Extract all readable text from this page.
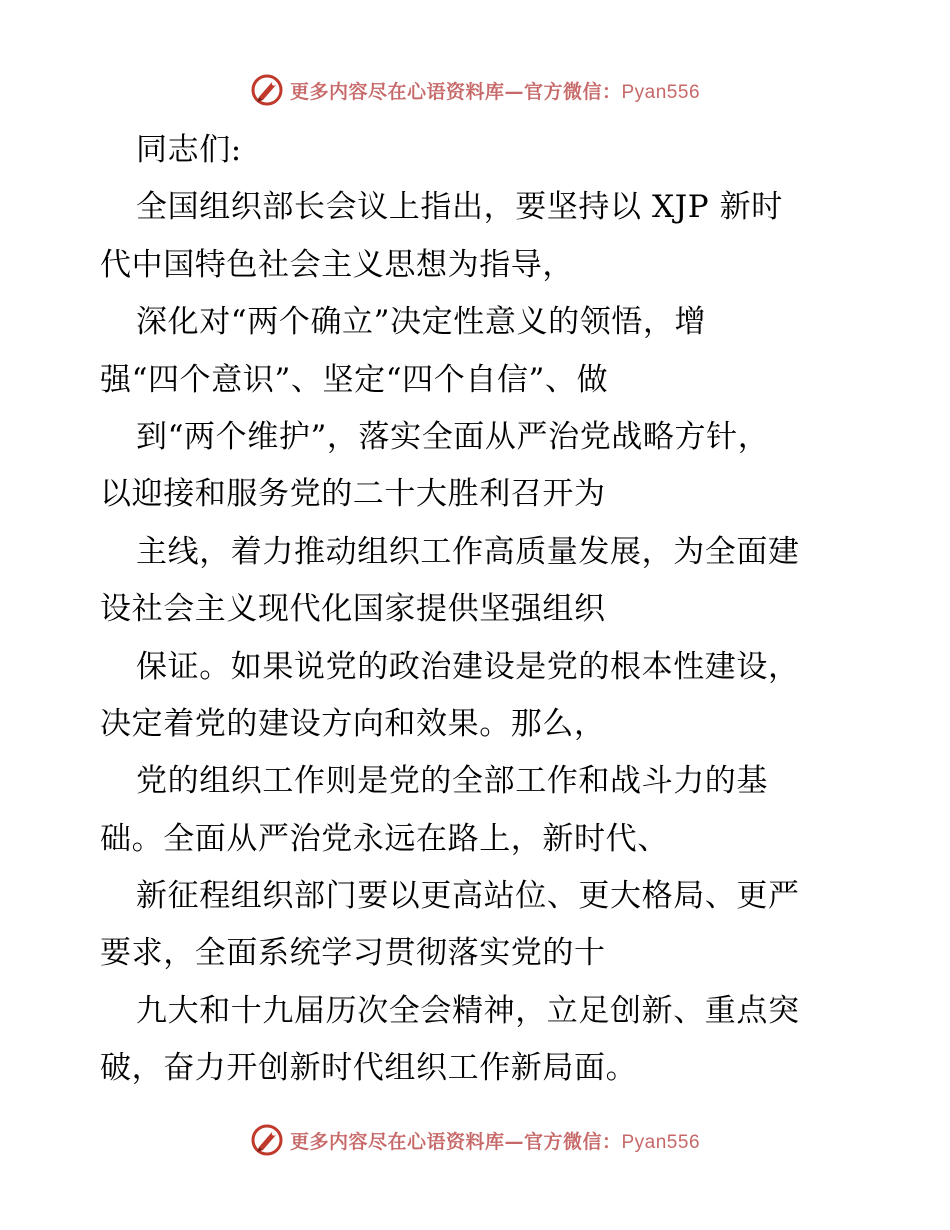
更多内容尽在心语资料库—官方微信：Pyan556
同志们:
全国组织部长会议上指出，要坚持以 XJP 新时
代中国特色社会主义思想为指导，
深化对“两个确立”决定性意义的领悟，增
强“四个意识”、坚定“四个自信”、做
到“两个维护”，落实全面从严治党战略方针，
以迎接和服务党的二十大胜利召开为
主线，着力推动组织工作高质量发展，为全面建
设社会主义现代化国家提供坚强组织
保证。如果说党的政治建设是党的根本性建设，
决定着党的建设方向和效果。那么，
党的组织工作则是党的全部工作和战斗力的基
础。全面从严治党永远在路上，新时代、
新征程组织部门要以更高站位、更大格局、更严
要求，全面系统学习贯彻落实党的十
九大和十九届历次全会精神，立足创新、重点突
破，奋力开创新时代组织工作新局面。
更多内容尽在心语资料库—官方微信：Pyan556
